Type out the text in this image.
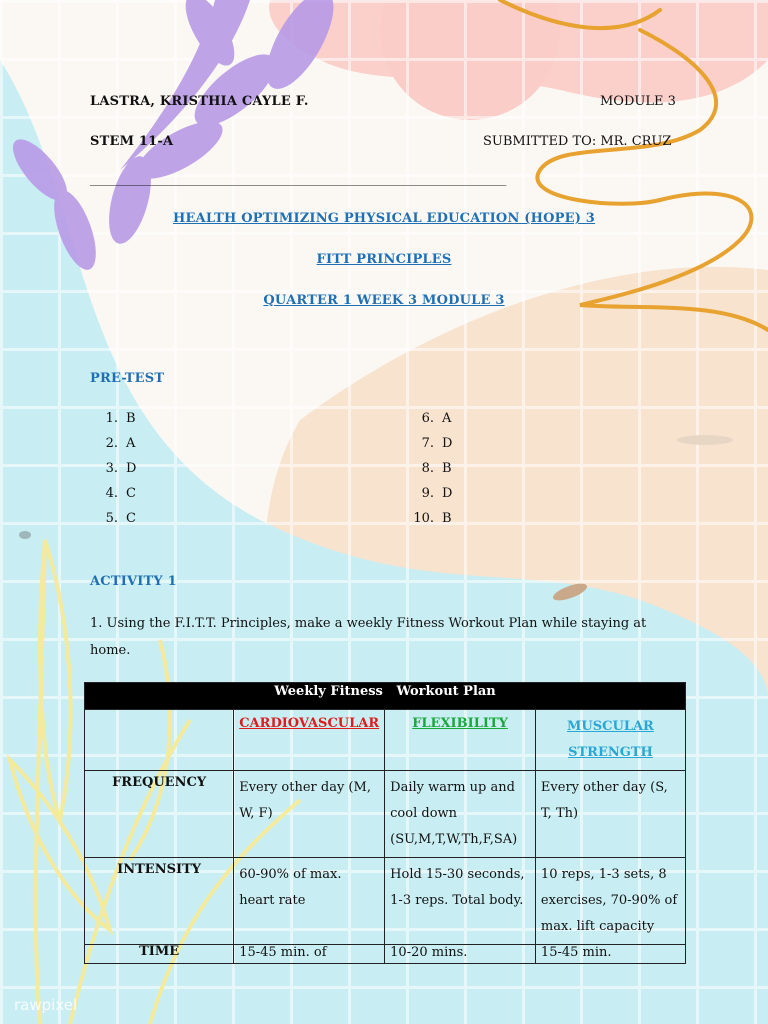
LASTRA, KRISTHIA CAYLE F.	MODULE 3
STEM 11-A	SUBMITTED TO: MR. CRUZ
_____________________________________________________________________________
HEALTH OPTIMIZING PHYSICAL EDUCATION (HOPE) 3
FITT PRINCIPLES
QUARTER 1 WEEK 3 MODULE 3
PRE-TEST
1. B
2. A
3. D
4. C
5. C
6. A
7. D
8. B
9. D
10. B
ACTIVITY 1
1. Using the F.I.T.T. Principles, make a weekly Fitness Workout Plan while staying at
home.
Weekly Fitness   Workout Plan			
	CARDIOVASCULAR	FLEXIBILITY	MUSCULAR STRENGTH
FREQUENCY	Every other day (M, W, F)	Daily warm up and cool down (SU,M,T,W,Th,F,SA)	Every other day (S, T, Th)
INTENSITY	60-90% of max. heart rate	Hold 15-30 seconds, 1-3 reps. Total body.	10 reps, 1-3 sets, 8 exercises, 70-90% of max. lift capacity
TIME	15-45 min. of	10-20 mins.	15-45 min.
rawpixel
